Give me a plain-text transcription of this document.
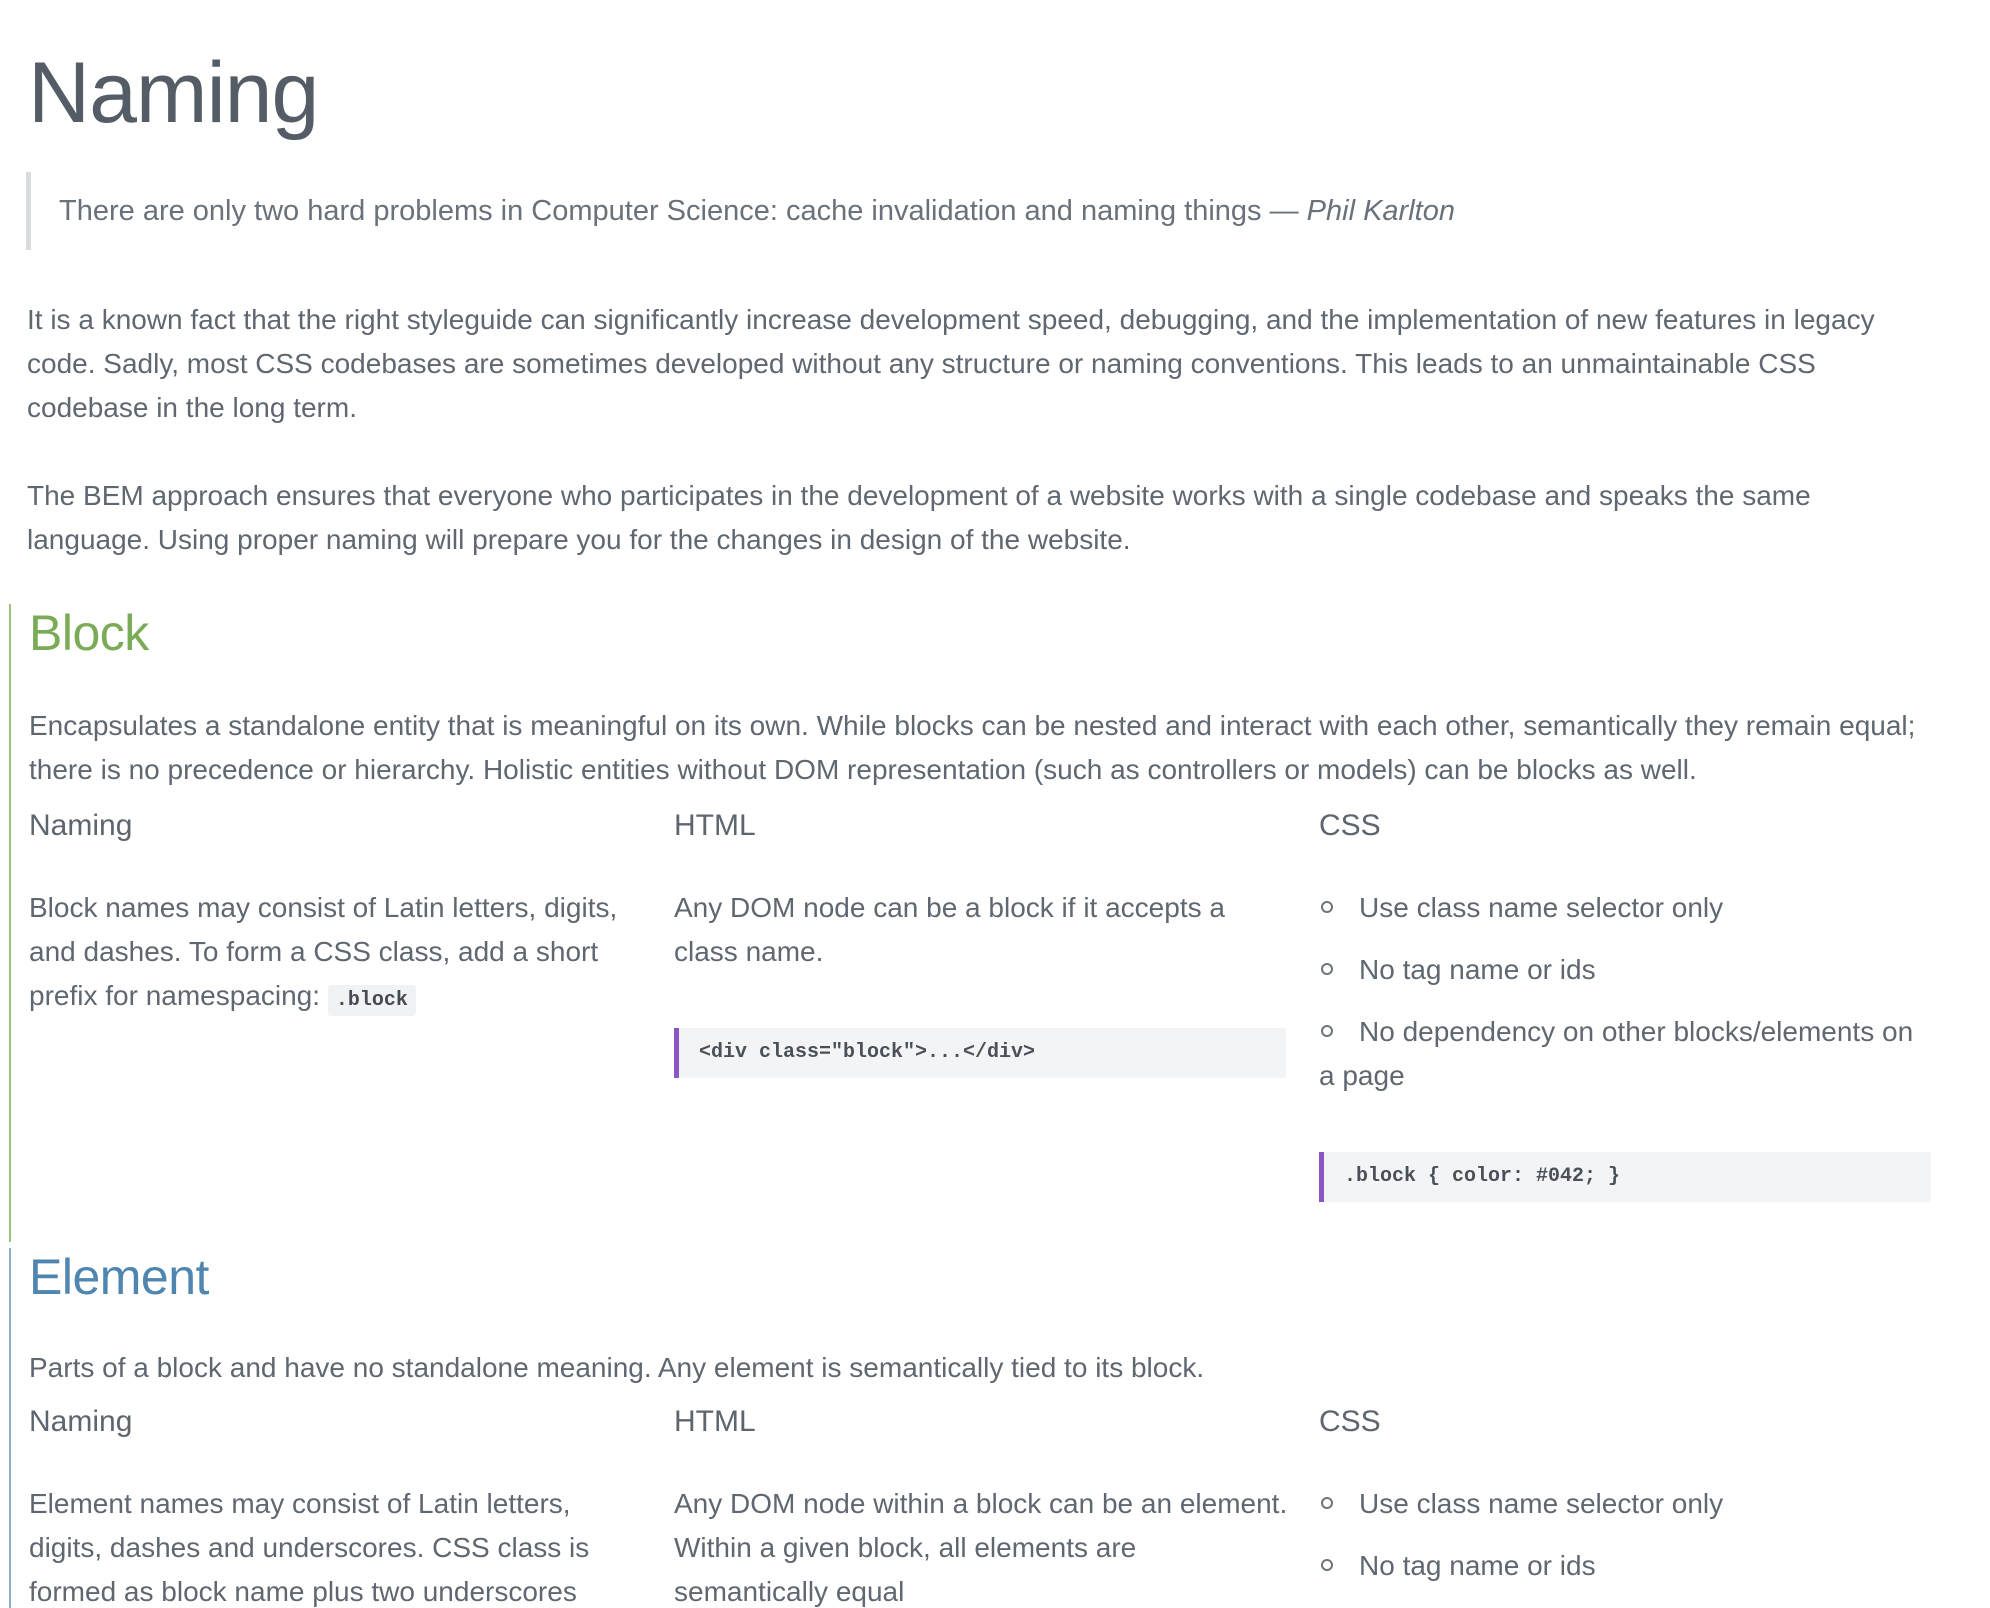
Naming
There are only two hard problems in Computer Science: cache invalidation and naming things — Phil Karlton

It is a known fact that the right styleguide can significantly increase development speed, debugging, and the implementation of new features in legacy code. Sadly, most CSS codebases are sometimes developed without any structure or naming conventions. This leads to an unmaintainable CSS codebase in the long term.

The BEM approach ensures that everyone who participates in the development of a website works with a single codebase and speaks the same language. Using proper naming will prepare you for the changes in design of the website.

Block

Encapsulates a standalone entity that is meaningful on its own. While blocks can be nested and interact with each other, semantically they remain equal; there is no precedence or hierarchy. Holistic entities without DOM representation (such as controllers or models) can be blocks as well.

Naming

Block names may consist of Latin letters, digits, and dashes. To form a CSS class, add a short prefix for namespacing: .block

HTML

Any DOM node can be a block if it accepts a class name.

<div class="block">...</div>
CSS
Use class name selector only
No tag name or ids
No dependency on other blocks/elements on a page
.block { color: #042; }
Element

Parts of a block and have no standalone meaning. Any element is semantically tied to its block.

Naming

Element names may consist of Latin letters, digits, dashes and underscores. CSS class is formed as block name plus two underscores

HTML

Any DOM node within a block can be an element. Within a given block, all elements are semantically equal

CSS
Use class name selector only
No tag name or ids
